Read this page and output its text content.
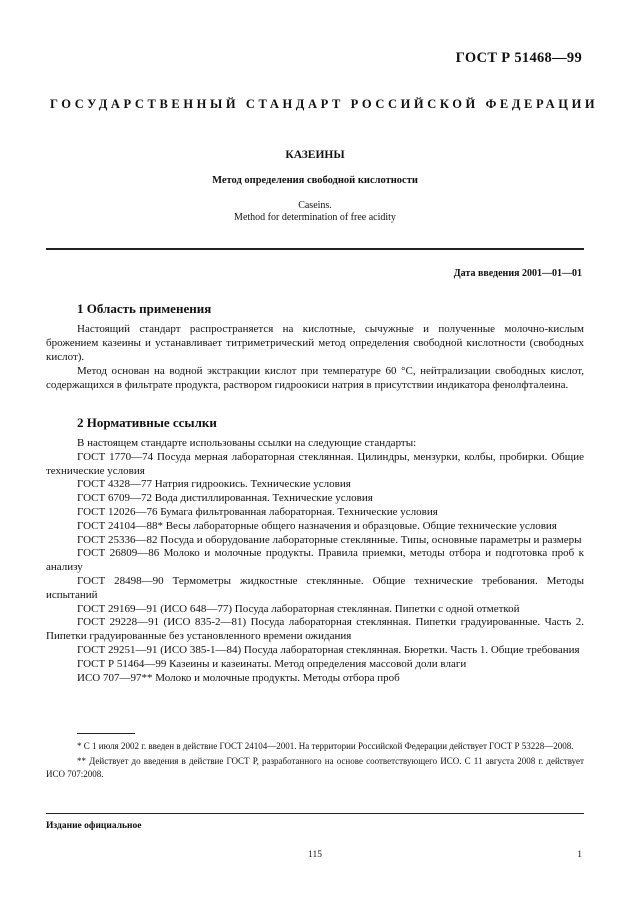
ГОСТ Р 51468—99
ГОСУДАРСТВЕННЫЙ СТАНДАРТ РОССИЙСКОЙ ФЕДЕРАЦИИ
КАЗЕИНЫ
Метод определения свободной кислотности
Caseins.
Method for determination of free acidity
Дата введения 2001—01—01
1 Область применения
Настоящий стандарт распространяется на кислотные, сычужные и полученные молочно-кислым брожением казеины и устанавливает титриметрический метод определения свободной кислотности (свободных кислот).
Метод основан на водной экстракции кислот при температуре 60 °С, нейтрализации свободных кислот, содержащихся в фильтрате продукта, раствором гидроокиси натрия в присутствии индикатора фенолфталеина.
2 Нормативные ссылки
В настоящем стандарте использованы ссылки на следующие стандарты:
ГОСТ 1770—74 Посуда мерная лабораторная стеклянная. Цилиндры, мензурки, колбы, пробирки. Общие технические условия
ГОСТ 4328—77 Натрия гидроокись. Технические условия
ГОСТ 6709—72 Вода дистиллированная. Технические условия
ГОСТ 12026—76 Бумага фильтрованная лабораторная. Технические условия
ГОСТ 24104—88* Весы лабораторные общего назначения и образцовые. Общие технические условия
ГОСТ 25336—82 Посуда и оборудование лабораторные стеклянные. Типы, основные параметры и размеры
ГОСТ 26809—86 Молоко и молочные продукты. Правила приемки, методы отбора и подготовка проб к анализу
ГОСТ 28498—90 Термометры жидкостные стеклянные. Общие технические требования. Методы испытаний
ГОСТ 29169—91 (ИСО 648—77) Посуда лабораторная стеклянная. Пипетки с одной отметкой
ГОСТ 29228—91 (ИСО 835-2—81) Посуда лабораторная стеклянная. Пипетки градуированные. Часть 2. Пипетки градуированные без установленного времени ожидания
ГОСТ 29251—91 (ИСО 385-1—84) Посуда лабораторная стеклянная. Бюретки. Часть 1. Общие требования
ГОСТ Р 51464—99 Казеины и казеинаты. Метод определения массовой доли влаги
ИСО 707—97** Молоко и молочные продукты. Методы отбора проб
* С 1 июля 2002 г. введен в действие ГОСТ 24104—2001. На территории Российской Федерации действует ГОСТ Р 53228—2008.
** Действует до введения в действие ГОСТ Р, разработанного на основе соответствующего ИСО. С 11 августа 2008 г. действует ИСО 707:2008.
Издание официальное
115	1
